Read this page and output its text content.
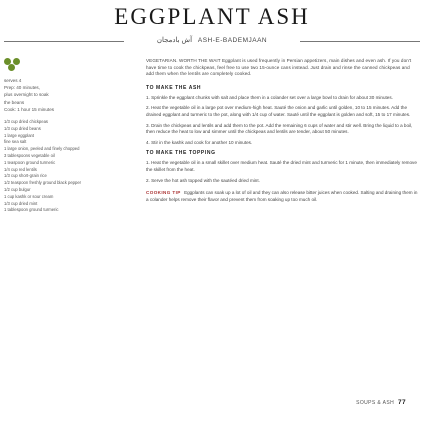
EGGPLANT ASH
آش بادمجان ASH-E-BADEMJAAN

serves 4

Prep: 40 minutes,

plus overnight to soak

the beans

Cook: 1 hour 15 minutes

1/3 cup dried chickpeas

1/3 cup dried beans

1 large eggplant

fine sea salt

1 large onion, peeled and finely chopped

3 tablespoons vegetable oil

1 teaspoon ground turmeric

1/4 cup red lentils

1/3 cup short-grain rice

1/2 teaspoon freshly ground black pepper

1/2 cup bulgur

1 cup kashk or sour cream

1/3 cup dried mint

1 tablespoon ground turmeric

VEGETARIAN. WORTH THE WAIT Eggplant is used frequently in Persian appetizers, main dishes and even ash. If you don't have time to cook the chickpeas, feel free to use two 15-ounce cans instead. Just drain and rinse the canned chickpeas and add them when the lentils are completely cooked.

TO MAKE THE ASH

1. Sprinkle the eggplant chunks with salt and place them in a colander set over a large bowl to drain for about 30 minutes.

2. Heat the vegetable oil in a large pot over medium-high heat. Sauté the onion and garlic until golden, 10 to 15 minutes. Add the drained eggplant and turmeric to the pot, along with 1/4 cup of water. Sauté until the eggplant is golden and soft, 15 to 17 minutes.

3. Drain the chickpeas and lentils and add them to the pot. Add the remaining 6 cups of water and stir well. Bring the liquid to a boil, then reduce the heat to low and simmer until the chickpeas and lentils are tender, about 50 minutes.

4. Stir in the kashk and cook for another 10 minutes.

TO MAKE THE TOPPING

1. Heat the vegetable oil in a small skillet over medium heat. Sauté the dried mint and turmeric for 1 minute, then immediately remove the skillet from the heat.

2. Serve the hot ash topped with the sautéed dried mint.

COOKING TIP Eggplants can soak up a lot of oil and they can also release bitter juices when cooked. Salting and draining them in a colander helps remove their flavor and prevent them from soaking up too much oil.

SOUPS & ASH 77
